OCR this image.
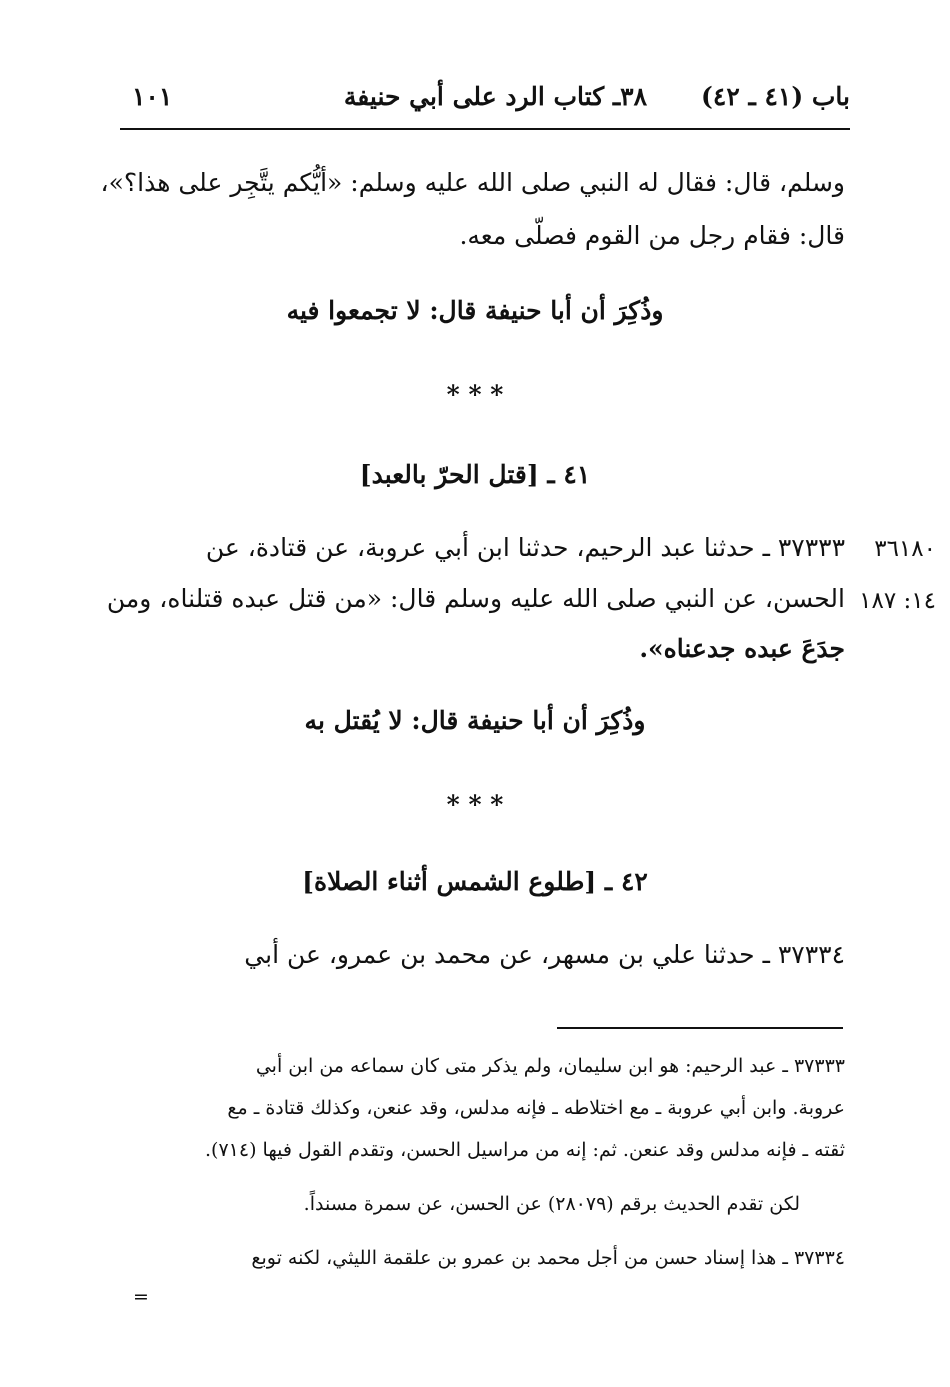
باب (٤١ ـ ٤٢)
٣٨ـ كتاب الرد على أبي حنيفة
١٠١
وسلم، قال: فقال له النبي صلى الله عليه وسلم: «أيُّكم يتَّجِر على هذا؟»،
قال: فقام رجل من القوم فصلّى معه.
وذُكِرَ أن أبا حنيفة قال: لا تجمعوا فيه
* * *
٤١ ـ [قتل الحرّ بالعبد]
٣٦١٨٠
١٤: ١٨٧
٣٧٣٣٣ ـ حدثنا عبد الرحيم، حدثنا ابن أبي عروبة، عن قتادة، عن
الحسن، عن النبي صلى الله عليه وسلم قال: «من قتل عبده قتلناه، ومن
جدَعَ عبده جدعناه».
وذُكِرَ أن أبا حنيفة قال: لا يُقتل به
* * *
٤٢ ـ [طلوع الشمس أثناء الصلاة]
٣٧٣٣٤ ـ حدثنا علي بن مسهر، عن محمد بن عمرو، عن أبي
٣٧٣٣٣ ـ عبد الرحيم: هو ابن سليمان، ولم يذكر متى كان سماعه من ابن أبي
عروبة. وابن أبي عروبة ـ مع اختلاطه ـ فإنه مدلس، وقد عنعن، وكذلك قتادة ـ مع
ثقته ـ فإنه مدلس وقد عنعن. ثم: إنه من مراسيل الحسن، وتقدم القول فيها (٧١٤).
لكن تقدم الحديث برقم (٢٨٠٧٩) عن الحسن، عن سمرة مسنداً.
٣٧٣٣٤ ـ هذا إسناد حسن من أجل محمد بن عمرو بن علقمة الليثي، لكنه توبع
=
